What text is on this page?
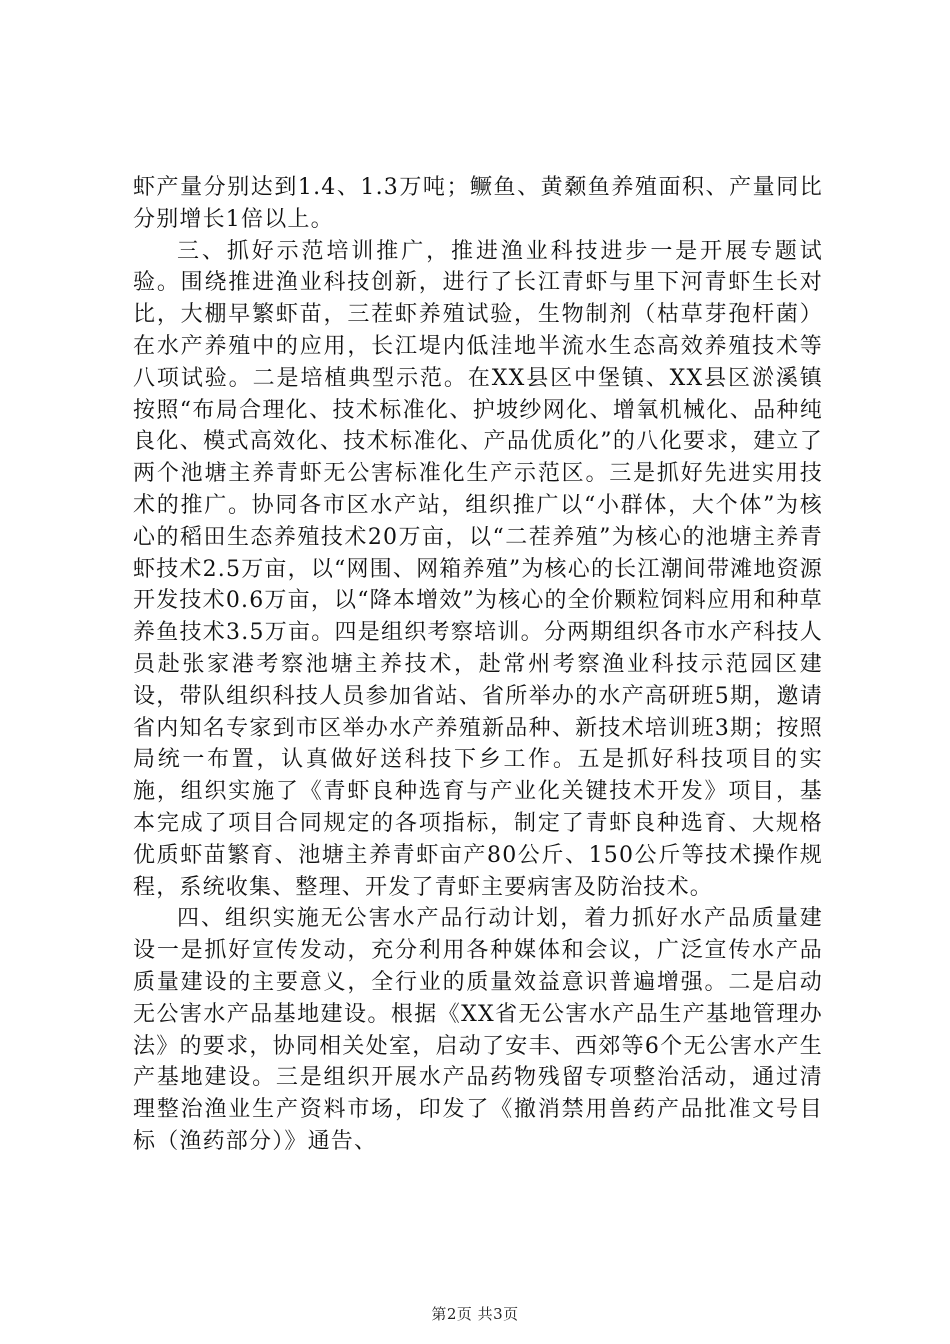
虾产量分别达到1.4、1.3万吨；鳜鱼、黄颡鱼养殖面积、产量同比分别增长1倍以上。

三、抓好示范培训推广，推进渔业科技进步一是开展专题试验。围绕推进渔业科技创新，进行了长江青虾与里下河青虾生长对比，大棚早繁虾苗，三茬虾养殖试验，生物制剂（枯草芽孢杆菌）在水产养殖中的应用，长江堤内低洼地半流水生态高效养殖技术等八项试验。二是培植典型示范。在XX县区中堡镇、XX县区淤溪镇按照“布局合理化、技术标准化、护坡纱网化、增氧机械化、品种纯良化、模式高效化、技术标准化、产品优质化”的八化要求，建立了两个池塘主养青虾无公害标准化生产示范区。三是抓好先进实用技术的推广。协同各市区水产站，组织推广以“小群体，大个体”为核心的稻田生态养殖技术20万亩，以“二茬养殖”为核心的池塘主养青虾技术2.5万亩，以“网围、网箱养殖”为核心的长江潮间带滩地资源开发技术0.6万亩，以“降本增效”为核心的全价颗粒饲料应用和种草养鱼技术3.5万亩。四是组织考察培训。分两期组织各市水产科技人员赴张家港考察池塘主养技术，赴常州考察渔业科技示范园区建设，带队组织科技人员参加省站、省所举办的水产高研班5期，邀请省内知名专家到市区举办水产养殖新品种、新技术培训班3期；按照局统一布置，认真做好送科技下乡工作。五是抓好科技项目的实施，组织实施了《青虾良种选育与产业化关键技术开发》项目，基本完成了项目合同规定的各项指标，制定了青虾良种选育、大规格优质虾苗繁育、池塘主养青虾亩产80公斤、150公斤等技术操作规程，系统收集、整理、开发了青虾主要病害及防治技术。

四、组织实施无公害水产品行动计划，着力抓好水产品质量建设一是抓好宣传发动，充分利用各种媒体和会议，广泛宣传水产品质量建设的主要意义，全行业的质量效益意识普遍增强。二是启动无公害水产品基地建设。根据《XX省无公害水产品生产基地管理办法》的要求，协同相关处室，启动了安丰、西郊等6个无公害水产生产基地建设。三是组织开展水产品药物残留专项整治活动，通过清理整治渔业生产资料市场，印发了《撤消禁用兽药产品批准文号目标（渔药部分）》通告、

第2页 共3页
